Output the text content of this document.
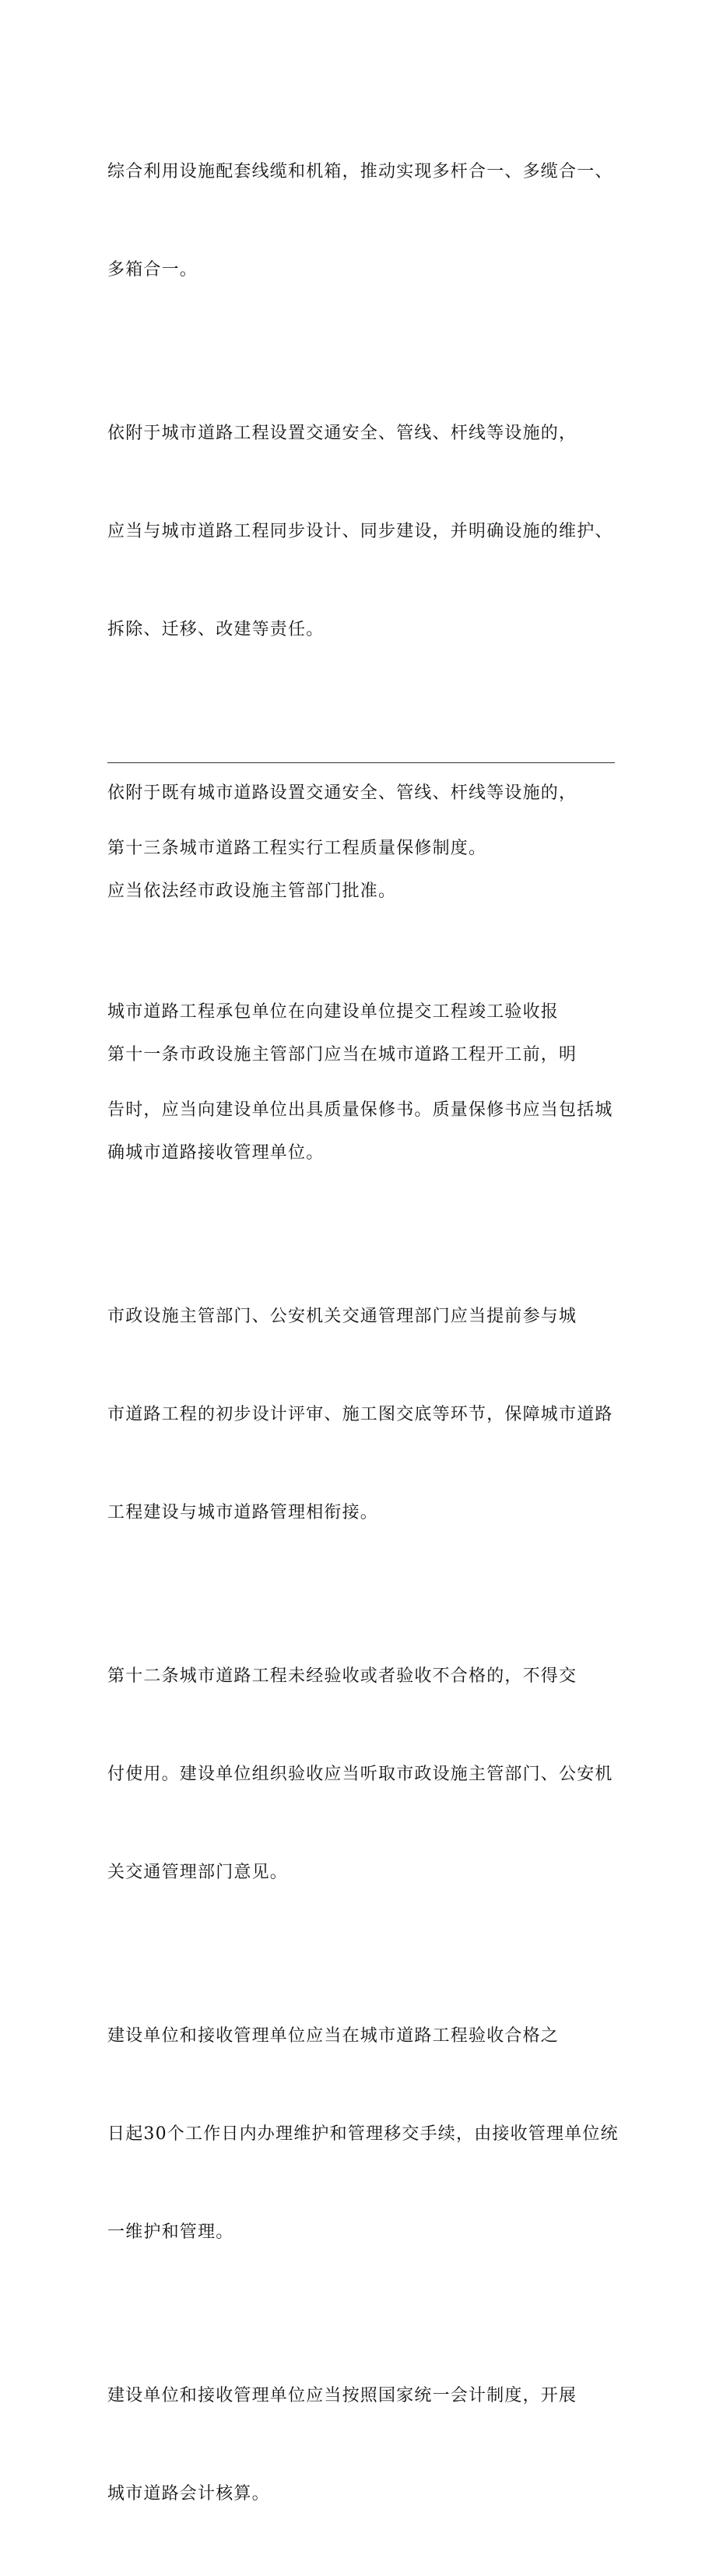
综合利用设施配套线缆和机箱，推动实现多杆合一、多缆合一、

多箱合一。

依附于城市道路工程设置交通安全、管线、杆线等设施的，

应当与城市道路工程同步设计、同步建设，并明确设施的维护、

拆除、迁移、改建等责任。

依附于既有城市道路设置交通安全、管线、杆线等设施的，

应当依法经市政设施主管部门批准。

第十一条市政设施主管部门应当在城市道路工程开工前，明

确城市道路接收管理单位。

市政设施主管部门、公安机关交通管理部门应当提前参与城

市道路工程的初步设计评审、施工图交底等环节，保障城市道路

工程建设与城市道路管理相衔接。

第十二条城市道路工程未经验收或者验收不合格的，不得交

付使用。建设单位组织验收应当听取市政设施主管部门、公安机

关交通管理部门意见。

建设单位和接收管理单位应当在城市道路工程验收合格之

日起30个工作日内办理维护和管理移交手续，由接收管理单位统

一维护和管理。

建设单位和接收管理单位应当按照国家统一会计制度，开展

城市道路会计核算。

第十三条城市道路工程实行工程质量保修制度。

城市道路工程承包单位在向建设单位提交工程竣工验收报

告时，应当向建设单位出具质量保修书。质量保修书应当包括城
